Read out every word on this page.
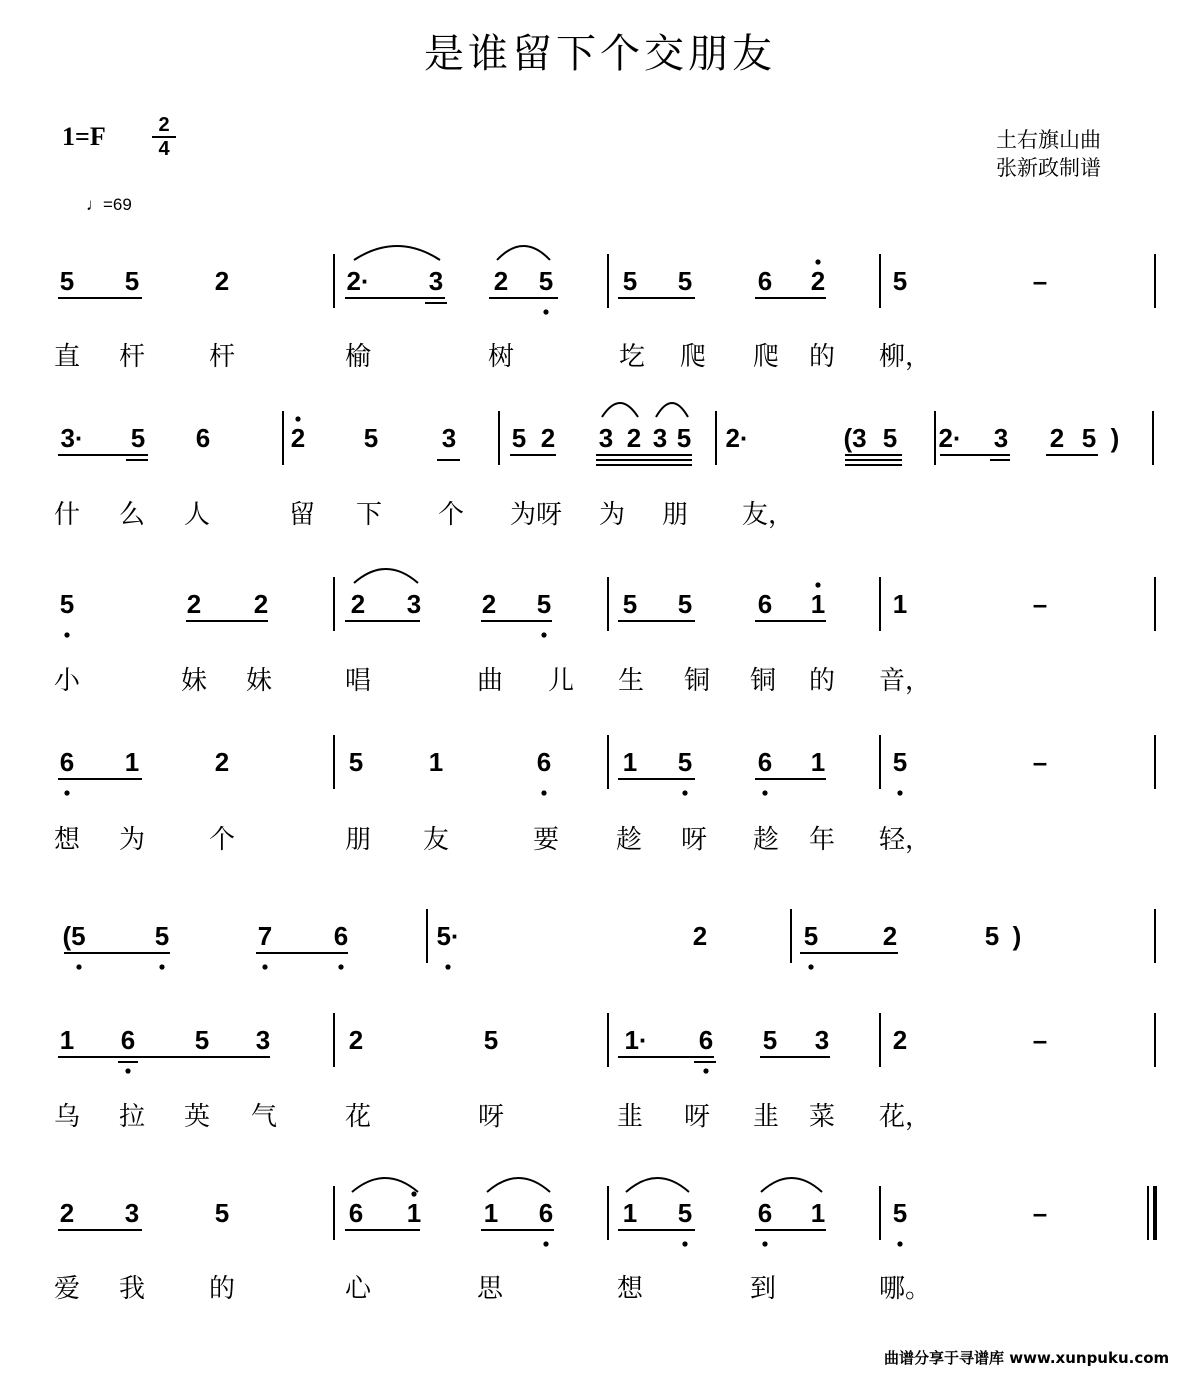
是谁留下个交朋友
1=F	2
4
♩=69
土右旗山曲
张新政制谱
曲谱分享于寻谱库 www.xunpuku.com
5 5	2	2· 3 2 5	5 5	6 2	5	–
直 杆 杆	榆	树	圪 爬 爬 的 柳，
3· 5 6	2 5 3 5 2 3 2 3 5 2·	(3 5 2· 3 2 5 )
什 么 人	留 下 个 为呀 为 朋 友，
5	2 2	2 3 2 5	5 5	6 1	1	–
小	妹 妹	唱	曲 儿 生 铜 铜 的 音，
6 1	2	5	1	6	1 5	6 1	5	–
想 为 个	朋 友	要 趁 呀 趁 年 轻，
(5	5	7 6	5·	2	5 2	5 )
1 6 5 3	2	5	1· 6 5 3 2	–
乌 拉 英 气	花	呀	韭 呀 韭 菜 花，
2 3	5	6 1 1 6	1 5	6 1	5	–
爱 我 的	心	思	想	到	哪。
